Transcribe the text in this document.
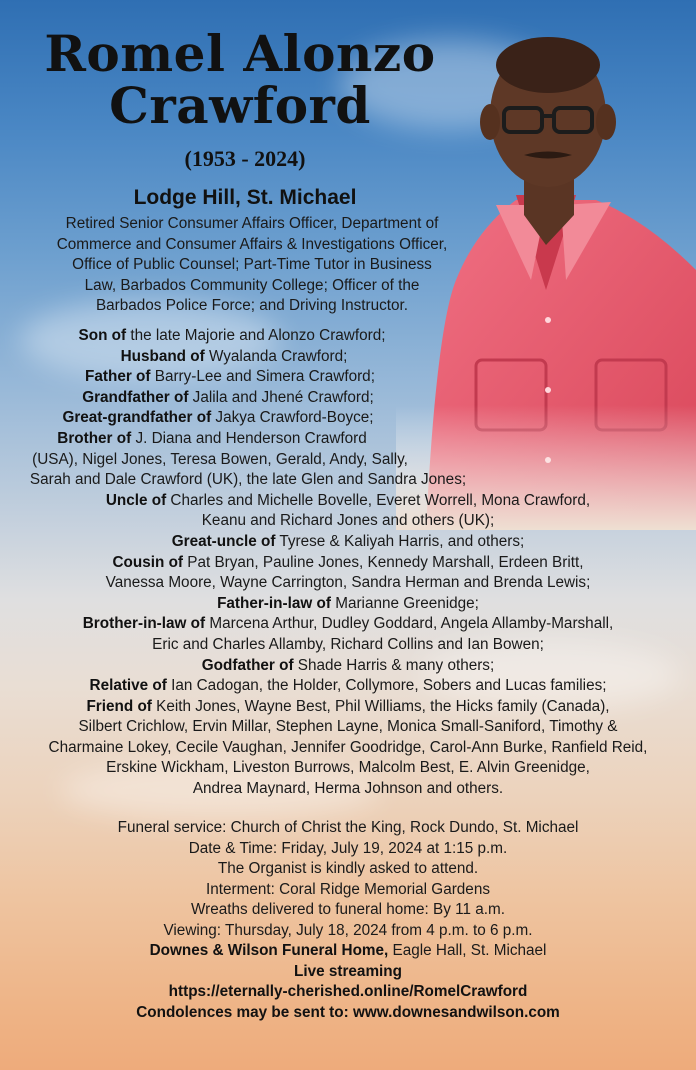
Romel Alonzo
Crawford
(1953 - 2024)
Lodge Hill, St. Michael
Retired Senior Consumer Affairs Officer, Department of
Commerce and Consumer Affairs & Investigations Officer,
Office of Public Counsel; Part-Time Tutor in Business
Law, Barbados Community College; Officer of the
Barbados Police Force; and Driving Instructor.
Son of the late Majorie and Alonzo Crawford;
Husband of Wyalanda Crawford;
Father of Barry-Lee and Simera Crawford;
Grandfather of Jalila and Jhené Crawford;
Great-grandfather of Jakya Crawford-Boyce;
Brother of J. Diana and Henderson Crawford
(USA), Nigel Jones, Teresa Bowen, Gerald, Andy, Sally,
Sarah and Dale Crawford (UK), the late Glen and Sandra Jones;
Uncle of Charles and Michelle Bovelle, Everet Worrell, Mona Crawford,
Keanu and Richard Jones and others (UK);
Great-uncle of Tyrese & Kaliyah Harris, and others;
Cousin of Pat Bryan, Pauline Jones, Kennedy Marshall, Erdeen Britt,
Vanessa Moore, Wayne Carrington, Sandra Herman and Brenda Lewis;
Father-in-law of Marianne Greenidge;
Brother-in-law of Marcena Arthur, Dudley Goddard, Angela Allamby-Marshall,
Eric and Charles Allamby, Richard Collins and Ian Bowen;
Godfather of Shade Harris & many others;
Relative of Ian Cadogan, the Holder, Collymore, Sobers and Lucas families;
Friend of Keith Jones, Wayne Best, Phil Williams, the Hicks family (Canada),
Silbert Crichlow, Ervin Millar, Stephen Layne, Monica Small-Saniford, Timothy &
Charmaine Lokey, Cecile Vaughan, Jennifer Goodridge, Carol-Ann Burke, Ranfield Reid,
Erskine Wickham, Liveston Burrows, Malcolm Best, E. Alvin Greenidge,
Andrea Maynard, Herma Johnson and others.
Funeral service: Church of Christ the King, Rock Dundo, St. Michael
Date & Time: Friday, July 19, 2024 at 1:15 p.m.
The Organist is kindly asked to attend.
Interment: Coral Ridge Memorial Gardens
Wreaths delivered to funeral home: By 11 a.m.
Viewing: Thursday, July 18, 2024 from 4 p.m. to 6 p.m.
Downes & Wilson Funeral Home, Eagle Hall, St. Michael
Live streaming
https://eternally-cherished.online/RomelCrawford
Condolences may be sent to: www.downesandwilson.com
